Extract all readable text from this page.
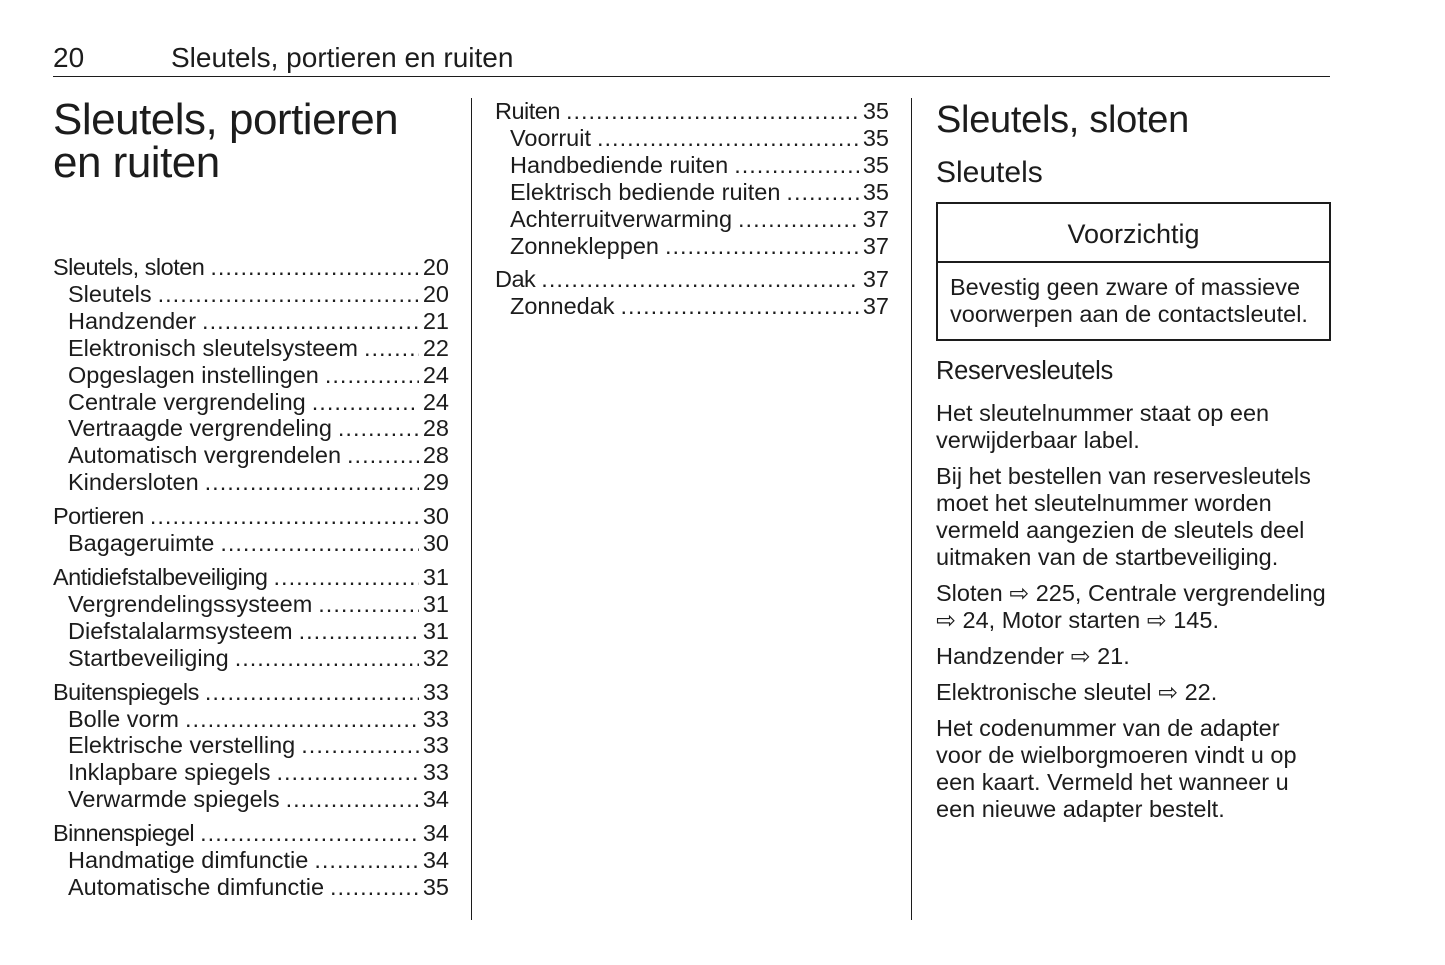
20	Sleutels, portieren en ruiten
Sleutels, portieren
en ruiten
Sleutels, sloten .....	20
Sleutels .....	20
Handzender .....	21
Elektronisch sleutelsysteem .....	22
Opgeslagen instellingen .....	24
Centrale vergrendeling .....	24
Vertraagde vergrendeling .....	28
Automatisch vergrendelen .....	28
Kindersloten .....	29
Portieren .....	30
Bagageruimte .....	30
Antidiefstalbeveiliging .....	31
Vergrendelingssysteem .....	31
Diefstalalarmsysteem .....	31
Startbeveiliging .....	32
Buitenspiegels .....	33
Bolle vorm .....	33
Elektrische verstelling .....	33
Inklapbare spiegels .....	33
Verwarmde spiegels .....	34
Binnenspiegel .....	34
Handmatige dimfunctie .....	34
Automatische dimfunctie .....	35
Ruiten .....	35
Voorruit .....	35
Handbediende ruiten .....	35
Elektrisch bediende ruiten .....	35
Achterruitverwarming .....	37
Zonnekleppen .....	37
Dak .....	37
Zonnedak .....	37
Sleutels, sloten
Sleutels
Voorzichtig
Bevestig geen zware of massieve voorwerpen aan de contactsleutel.
Reservesleutels

Het sleutelnummer staat op een verwijderbaar label.

Bij het bestellen van reservesleutels moet het sleutelnummer worden vermeld aangezien de sleutels deel uitmaken van de startbeveiliging.

Sloten ⇨ 225, Centrale vergrendeling
⇨ 24, Motor starten ⇨ 145.

Handzender ⇨ 21.

Elektronische sleutel ⇨ 22.

Het codenummer van de adapter voor de wielborgmoeren vindt u op een kaart. Vermeld het wanneer u een nieuwe adapter bestelt.
